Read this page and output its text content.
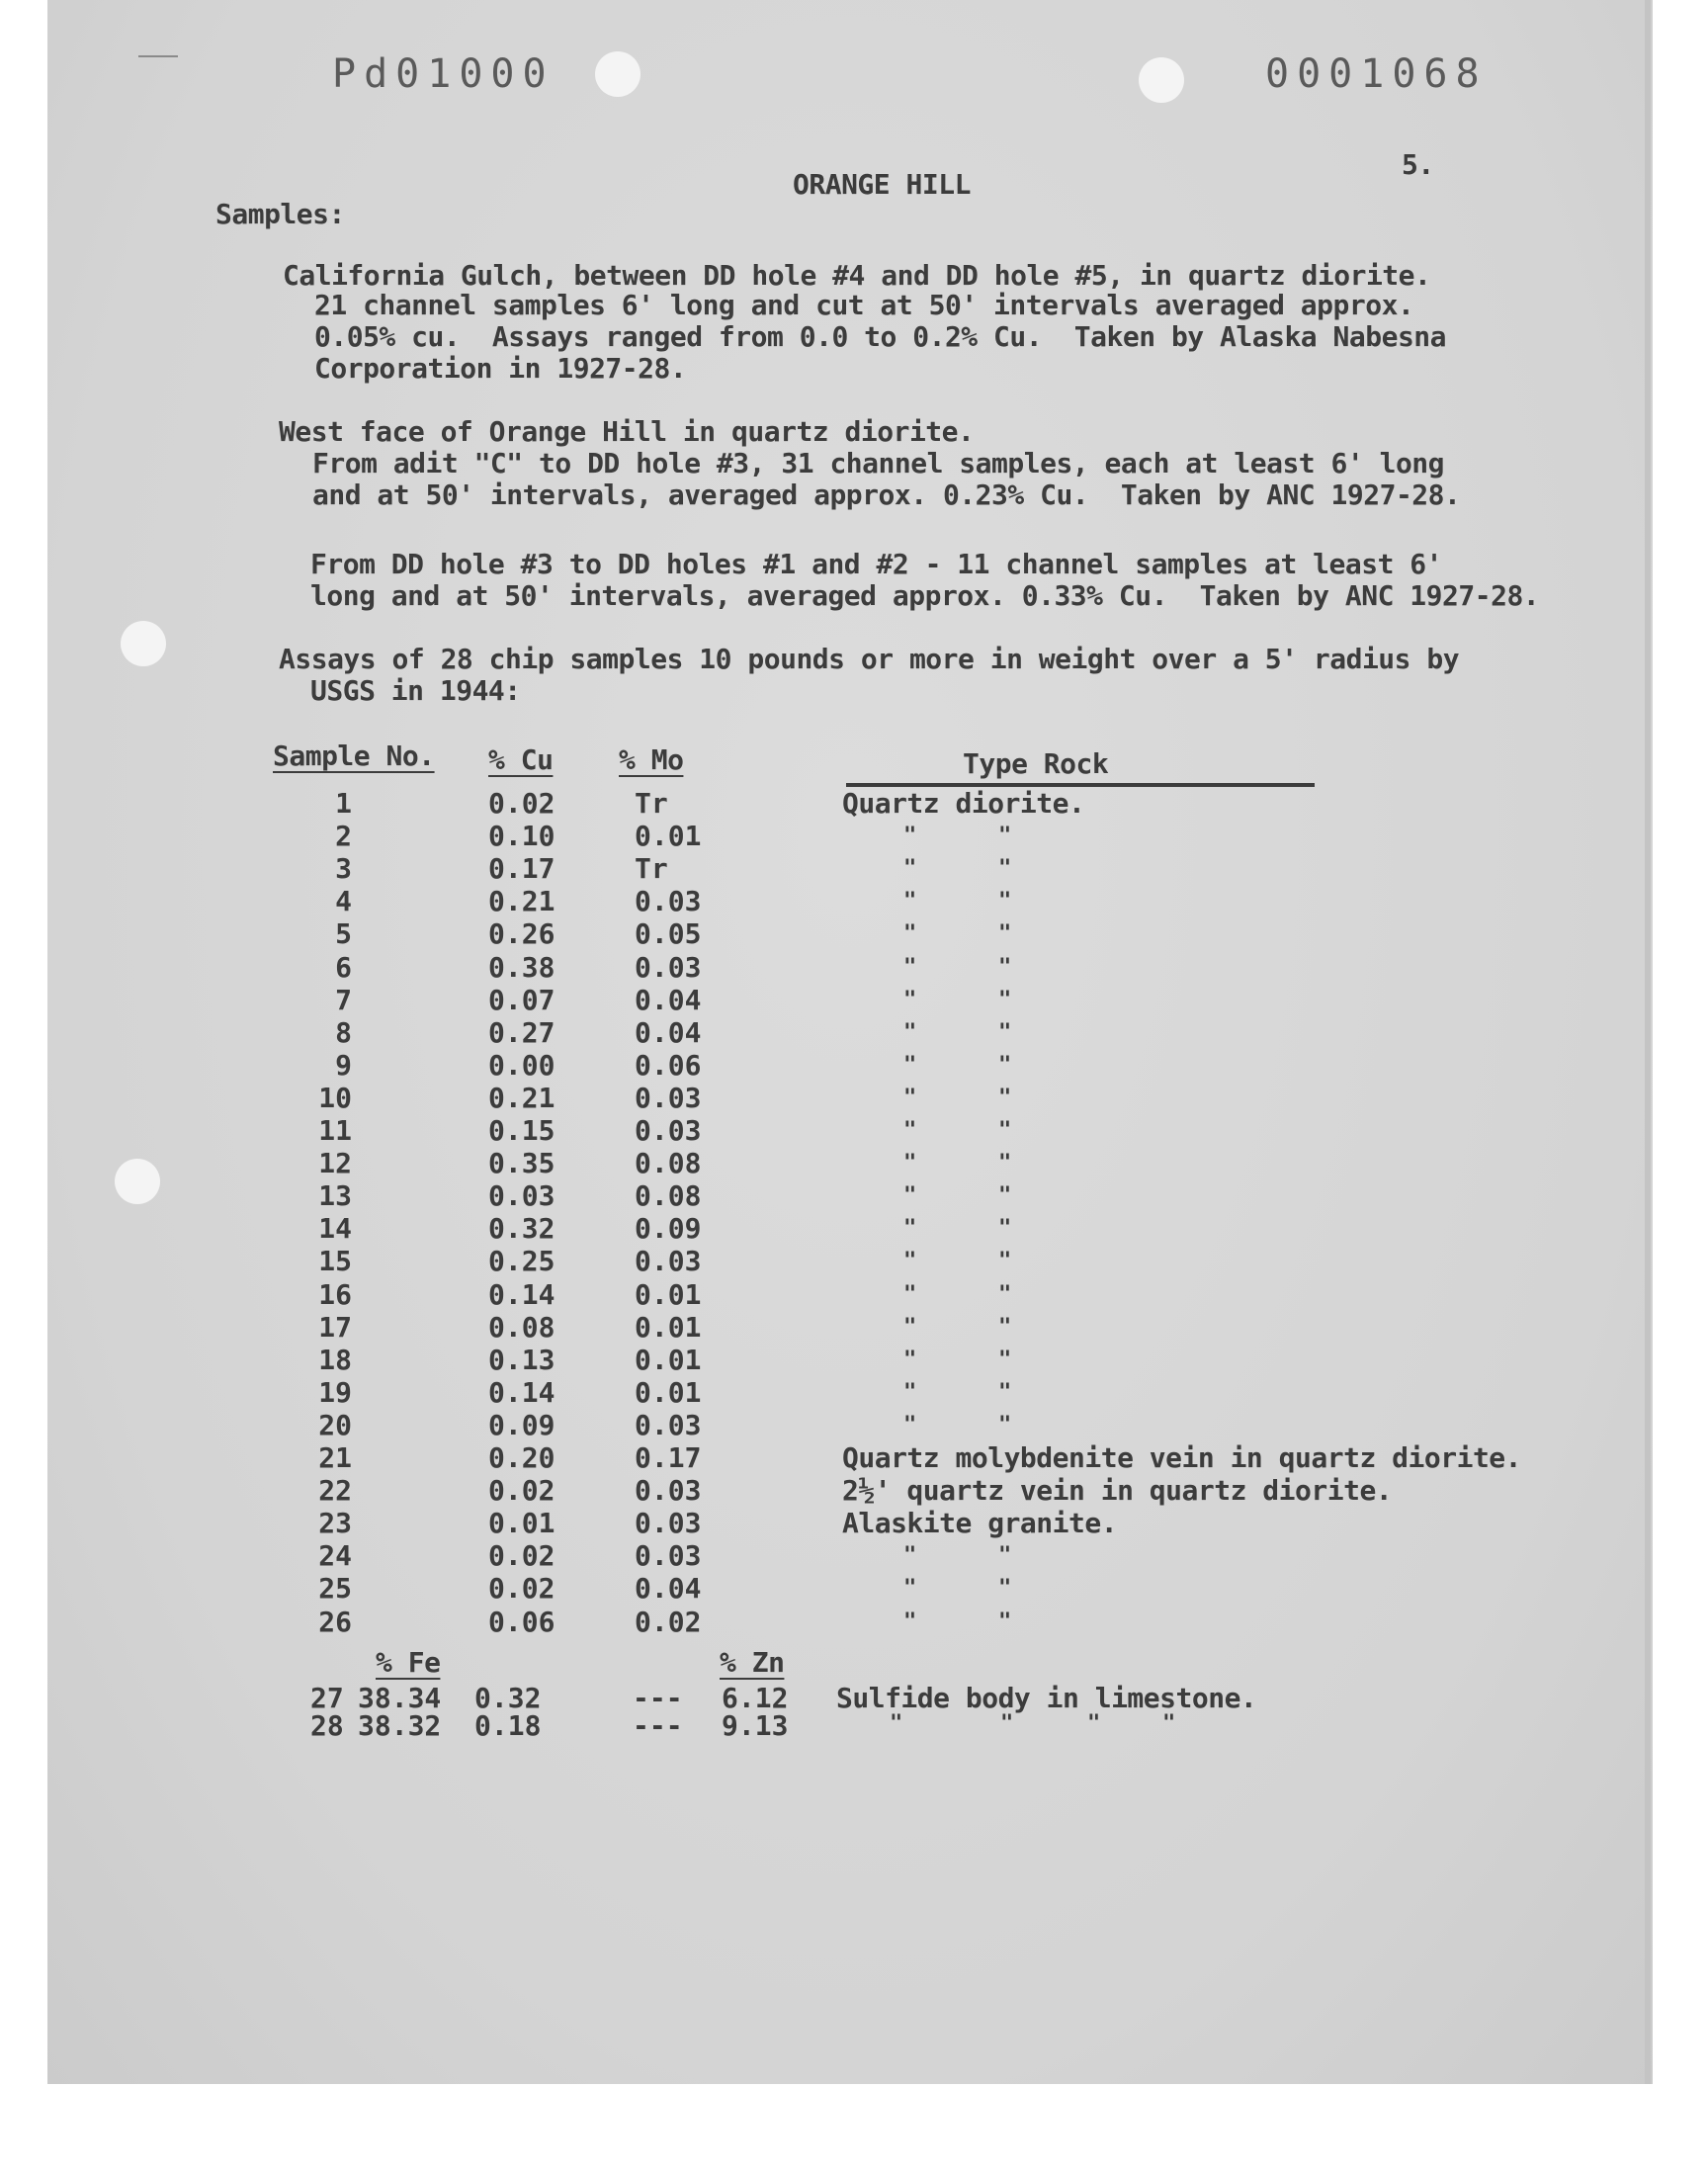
Pd01000	0001068
5.
ORANGE HILL
Samples:
California Gulch, between DD hole #4 and DD hole #5, in quartz diorite.
21 channel samples 6' long and cut at 50' intervals averaged approx.
0.05% cu.  Assays ranged from 0.0 to 0.2% Cu.  Taken by Alaska Nabesna
Corporation in 1927-28.
West face of Orange Hill in quartz diorite.
From adit "C" to DD hole #3, 31 channel samples, each at least 6' long
and at 50' intervals, averaged approx. 0.23% Cu.  Taken by ANC 1927-28.
From DD hole #3 to DD holes #1 and #2 - 11 channel samples at least 6'
long and at 50' intervals, averaged approx. 0.33% Cu.  Taken by ANC 1927-28.
Assays of 28 chip samples 10 pounds or more in weight over a 5' radius by
USGS in 1944:
Sample No. % Cu % Mo	Type Rock
1	0.02	Tr	Quartz diorite.
2	0.10	0.01	"	"
3	0.17	Tr	"	"
4	0.21	0.03	"	"
5	0.26	0.05	"	"
6	0.38	0.03	"	"
7	0.07	0.04	"	"
8	0.27	0.04	"	"
9	0.00	0.06	"	"
10	0.21	0.03	"	"
11	0.15	0.03	"	"
12	0.35	0.08	"	"
13	0.03	0.08	"	"
14	0.32	0.09	"	"
15	0.25	0.03	"	"
16	0.14	0.01	"	"
17	0.08	0.01	"	"
18	0.13	0.01	"	"
19	0.14	0.01	"	"
20	0.09	0.03	"	"
21	0.20	0.17	Quartz molybdenite vein in quartz diorite.
22	0.02	0.03	2½' quartz vein in quartz diorite.
23	0.01	0.03	Alaskite granite.
24	0.02	0.03	"	"
25	0.02	0.04	"	"
26	0.06	0.02	"	"
% Fe	% Zn
27 38.34 0.32	--- 6.12 Sulfide body in limestone.
28 38.32 0.18	--- 9.13	"	"	"	"
